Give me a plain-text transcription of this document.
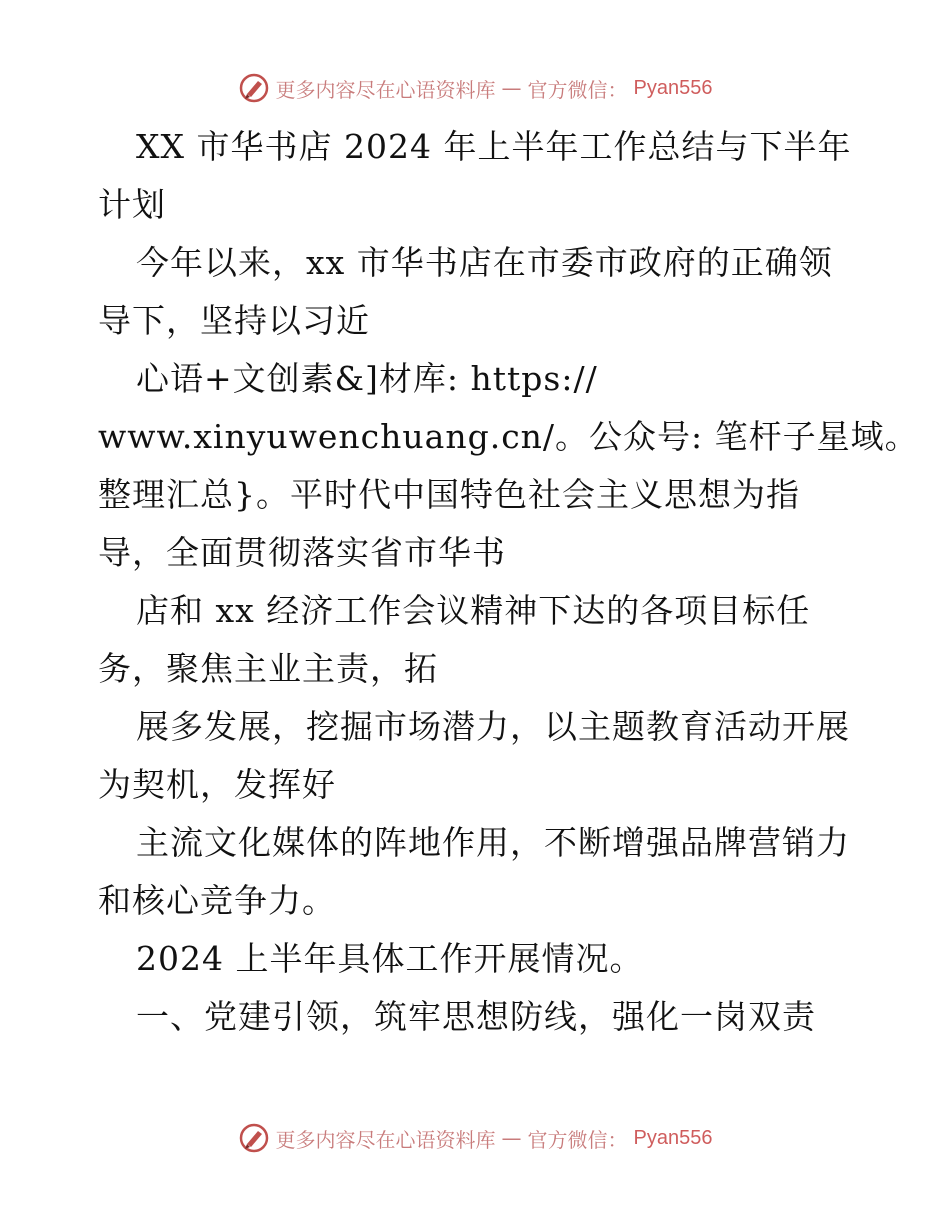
更多内容尽在心语资料库 — 官方微信： Pyan556
XX 市华书店 2024 年上半年工作总结与下半年
计划
今年以来，xx 市华书店在市委市政府的正确领
导下，坚持以习近
心语+文创素&]材库: https://
www.xinyuwenchuang.cn/。公众号: 笔杆子星域。
整理汇总}。平时代中国特色社会主义思想为指
导，全面贯彻落实省市华书
店和 xx 经济工作会议精神下达的各项目标任
务，聚焦主业主责，拓
展多发展，挖掘市场潜力，以主题教育活动开展
为契机，发挥好
主流文化媒体的阵地作用，不断增强品牌营销力
和核心竞争力。
2024 上半年具体工作开展情况。
一、党建引领，筑牢思想防线，强化一岗双责
更多内容尽在心语资料库 — 官方微信： Pyan556
